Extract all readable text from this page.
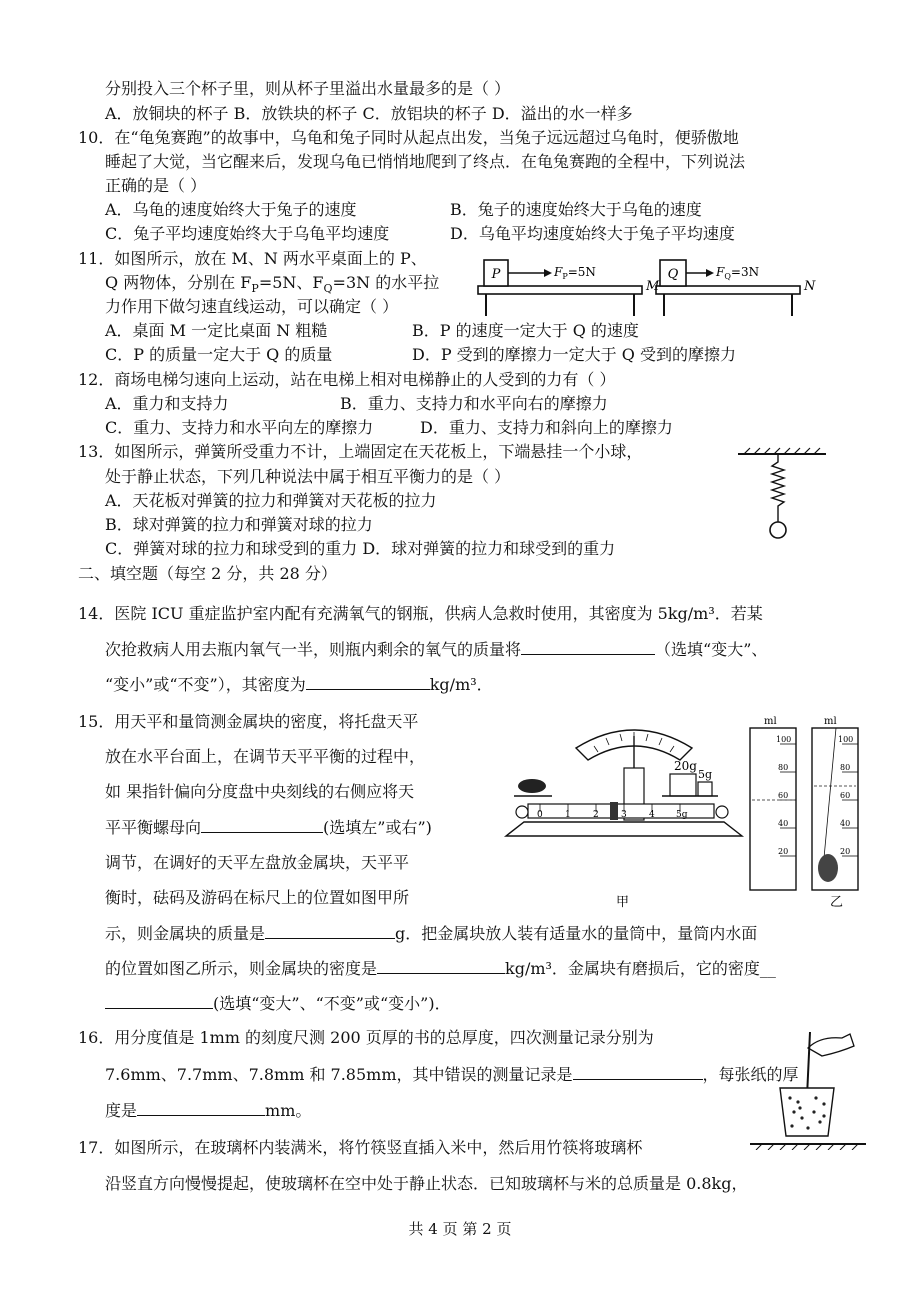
分别投入三个杯子里，则从杯子里溢出水量最多的是（ ）
A．放铜块的杯子 B．放铁块的杯子 C．放铝块的杯子 D．溢出的水一样多
10．在“龟兔赛跑”的故事中，乌龟和兔子同时从起点出发，当兔子远远超过乌龟时，便骄傲地
睡起了大觉，当它醒来后，发现乌龟已悄悄地爬到了终点．在龟兔赛跑的全程中，下列说法
正确的是（ ）
A．乌龟的速度始终大于兔子的速度	B．兔子的速度始终大于乌龟的速度
C．兔子平均速度始终大于乌龟平均速度	D．乌龟平均速度始终大于兔子平均速度
11．如图所示，放在 M、N 两水平桌面上的 P、
Q 两物体，分别在 $F_P=5N$、$F_Q=3N$ 的水平拉
力作用下做匀速直线运动，可以确定（ ）
A．桌面 M 一定比桌面 N 粗糙	B．P 的速度一定大于 Q 的速度
C．P 的质量一定大于 Q 的质量	D．P 受到的摩擦力一定大于 Q 受到的摩擦力
P	$F_P=5N$
M
Q	$F_Q=3N$
N
12．商场电梯匀速向上运动，站在电梯上相对电梯静止的人受到的力有（ ）
A．重力和支持力	B．重力、支持力和水平向右的摩擦力
C．重力、支持力和水平向左的摩擦力	D．重力、支持力和斜向上的摩擦力
13．如图所示，弹簧所受重力不计，上端固定在天花板上，下端悬挂一个小球，
处于静止状态，下列几种说法中属于相互平衡力的是（ ）
A．天花板对弹簧的拉力和弹簧对天花板的拉力
B．球对弹簧的拉力和弹簧对球的拉力
C．弹簧对球的拉力和球受到的重力 D．球对弹簧的拉力和球受到的重力
二、填空题（每空 2 分，共 28 分）
14．医院 ICU 重症监护室内配有充满氧气的钢瓶，供病人急救时使用，其密度为 5kg/m³．若某
次抢救病人用去瓶内氧气一半，则瓶内剩余的氧气的质量将	（选填“变大”、
“变小”或“不变”），其密度为	kg/m³．
15．用天平和量筒测金属块的密度，将托盘天平
放在水平台面上，在调节天平平衡的过程中，
如 果指针偏向分度盘中央刻线的右侧应将天
平平衡螺母向	(选填左”或右”)
调节，在调好的天平左盘放金属块，天平平
衡时，砝码及游码在标尺上的位置如图甲所
示，则金属块的质量是	g．把金属块放人装有适量水的量筒中，量筒内水面
的位置如图乙所示，则金属块的密度是	kg/m³．金属块有磨损后，它的密度__
(选填“变大”、“不变”或“变小”)．
20g
5g
0 1 2 3 4 5g
甲
ml
100
80
60
40
20
ml
100
80
60
40
20
乙
16．用分度值是 1mm 的刻度尺测 200 页厚的书的总厚度，四次测量记录分别为
7.6mm、7.7mm、7.8mm 和 7.85mm，其中错误的测量记录是	，每张纸的厚
度是	mm。
17．如图所示，在玻璃杯内装满米，将竹筷竖直插入米中，然后用竹筷将玻璃杯
沿竖直方向慢慢提起，使玻璃杯在空中处于静止状态．已知玻璃杯与米的总质量是 0.8kg，
共 4 页 第 2 页
